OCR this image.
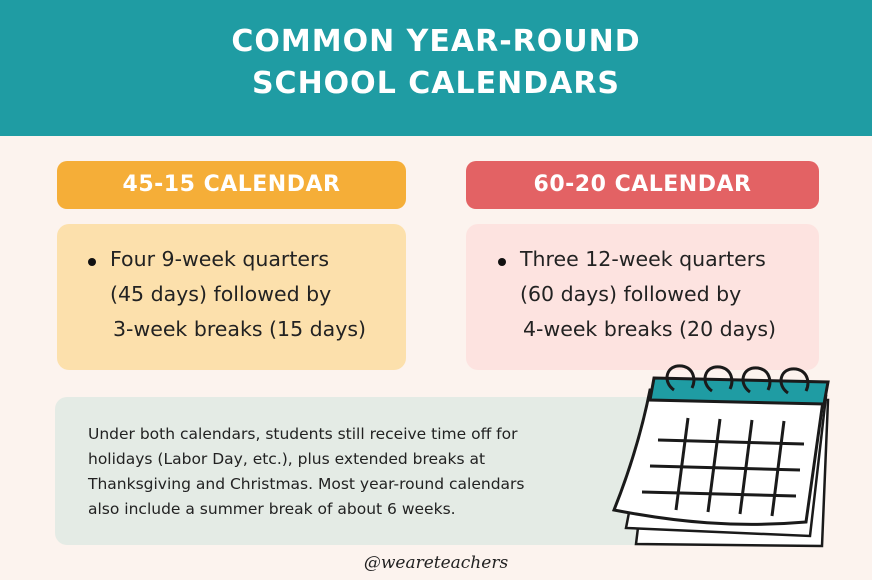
COMMON YEAR-ROUND
SCHOOL CALENDARS
45-15 CALENDAR	60-20 CALENDAR
Four 9-week quarters
(45 days) followed by
3-week breaks (15 days)
Three 12-week quarters
(60 days) followed by
4-week breaks (20 days)
Under both calendars, students still receive time off for
holidays (Labor Day, etc.), plus extended breaks at
Thanksgiving and Christmas. Most year-round calendars
also include a summer break of about 6 weeks.
@weareteachers
